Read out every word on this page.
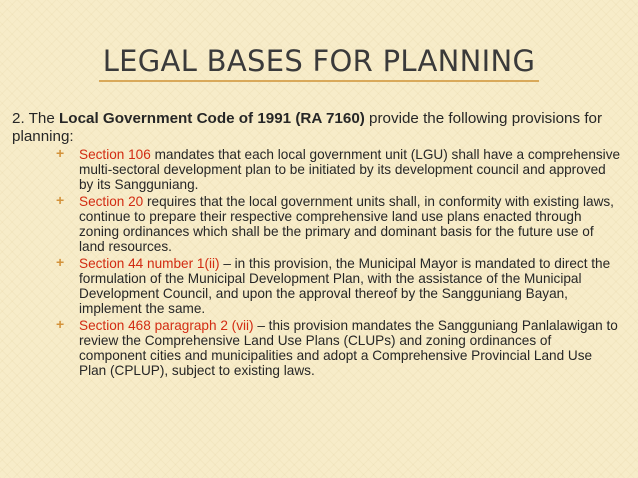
LEGAL BASES FOR PLANNING
2. The Local Government Code of 1991 (RA 7160) provide the following provisions for planning:
+ Section 106 mandates that each local government unit (LGU) shall have a comprehensive multi-sectoral development plan to be initiated by its development council and approved by its Sangguniang.
+ Section 20 requires that the local government units shall, in conformity with existing laws, continue to prepare their respective comprehensive land use plans enacted through zoning ordinances which shall be the primary and dominant basis for the future use of land resources.
+ Section 44 number 1(ii) – in this provision, the Municipal Mayor is mandated to direct the formulation of the Municipal Development Plan, with the assistance of the Municipal Development Council, and upon the approval thereof by the Sangguniang Bayan, implement the same.
+ Section 468 paragraph 2 (vii) – this provision mandates the Sangguniang Panlalawigan to review the Comprehensive Land Use Plans (CLUPs) and zoning ordinances of component cities and municipalities and adopt a Comprehensive Provincial Land Use Plan (CPLUP), subject to existing laws.
